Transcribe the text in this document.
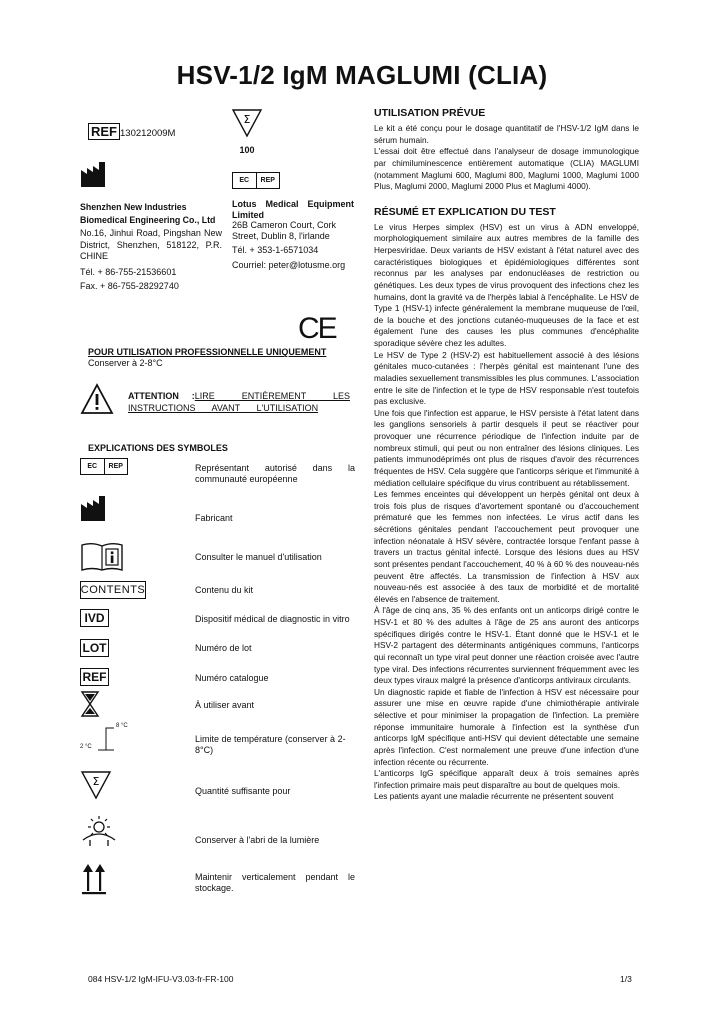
HSV-1/2 IgM MAGLUMI (CLIA)
REF 130212009M
Σ
100
Shenzhen New Industries
Biomedical Engineering Co., Ltd
No.16, Jinhui Road, Pingshan New District, Shenzhen, 518122, P.R. CHINE
Tél. + 86-755-21536601
Fax. + 86-755-28292740
EC	REP
Lotus Medical Equipment Limited
26B Cameron Court, Cork Street, Dublin 8, l'irlande
Tél. + 353-1-6571034
Courriel: peter@lotusme.org
CE
POUR UTILISATION PROFESSIONNELLE UNIQUEMENT
Conserver à 2-8°C
ATTENTION :LIRE ENTIÈREMENT LES INSTRUCTIONS AVANT L'UTILISATION
EXPLICATIONS DES SYMBOLES
EC	REP	Représentant autorisé dans la communauté européenne
Fabricant
Consulter le manuel d'utilisation
CONTENTS	Contenu du kit
IVD	Dispositif médical de diagnostic in vitro
LOT	Numéro de lot
REF	Numéro catalogue
À utiliser avant
8 °C
2 °C
Limite de température (conserver à 2-8°C)
Σ
Quantité suffisante pour
Conserver à l'abri de la lumière
Maintenir verticalement pendant le stockage.
UTILISATION PRÉVUE
Le kit a été conçu pour le dosage quantitatif de l'HSV-1/2 IgM dans le sérum humain.
L'essai doit être effectué dans l'analyseur de dosage immunologique par chimiluminescence entièrement automatique (CLIA) MAGLUMI (notamment Maglumi 600, Maglumi 800, Maglumi 1000, Maglumi 1000 Plus, Maglumi 2000, Maglumi 2000 Plus et Maglumi 4000).
RÉSUMÉ ET EXPLICATION DU TEST
Le virus Herpes simplex (HSV) est un virus à ADN enveloppé, morphologiquement similaire aux autres membres de la famille des Herpesviridae. Deux variants de HSV existant à l'état naturel avec des caractéristiques biologiques et épidémiologiques différentes sont reconnus par les analyses par endonucléases de restriction ou génétiques. Les deux types de virus provoquent des infections chez les humains, dont la gravité va de l'herpès labial à l'encéphalite. Le HSV de Type 1 (HSV-1) infecte généralement la membrane muqueuse de l'œil, de la bouche et des jonctions cutanéo-muqueuses de la face et est également l'une des causes les plus communes d'encéphalite sporadique sévère chez les adultes.
Le HSV de Type 2 (HSV-2) est habituellement associé à des lésions génitales muco-cutanées : l'herpès génital est maintenant l'une des maladies sexuellement transmissibles les plus communes. L'association entre le site de l'infection et le type de HSV responsable n'est toutefois pas exclusive.
Une fois que l'infection est apparue, le HSV persiste à l'état latent dans les ganglions sensoriels à partir desquels il peut se réactiver pour provoquer une récurrence périodique de l'infection induite par de nombreux stimuli, qui peut ou non entraîner des lésions cliniques. Les patients immunodéprimés ont plus de risques d'avoir des récurrences fréquentes de HSV. Cela suggère que l'anticorps sérique et l'immunité à médiation cellulaire spécifique du virus contribuent au rétablissement.
Les femmes enceintes qui développent un herpès génital ont deux à trois fois plus de risques d'avortement spontané ou d'accouchement prématuré que les femmes non infectées. Le virus actif dans les sécrétions génitales pendant l'accouchement peut provoquer une infection néonatale à HSV sévère, contractée lorsque l'enfant passe à travers un tractus génital infecté. Lorsque des lésions dues au HSV sont présentes pendant l'accouchement, 40 % à 60 % des nouveau-nés peuvent être affectés. La transmission de l'infection à HSV aux nouveau-nés est associée à des taux de morbidité et de mortalité élevés en l'absence de traitement.
À l'âge de cinq ans, 35 % des enfants ont un anticorps dirigé contre le HSV-1 et 80 % des adultes à l'âge de 25 ans auront des anticorps spécifiques dirigés contre le HSV-1. Étant donné que le HSV-1 et le HSV-2 partagent des déterminants antigéniques communs, l'anticorps qui reconnaît un type viral peut donner une réaction croisée avec l'autre type viral. Des infections récurrentes surviennent fréquemment avec les deux types viraux malgré la présence d'anticorps antiviraux circulants.
Un diagnostic rapide et fiable de l'infection à HSV est nécessaire pour assurer une mise en œuvre rapide d'une chimiothérapie antivirale sélective et pour minimiser la propagation de l'infection. La première réponse immunitaire humorale à l'infection est la synthèse d'un anticorps IgM spécifique anti-HSV qui devient détectable une semaine après l'infection. C'est normalement une preuve d'une infection d'une infection récente ou récurrente.
L'anticorps IgG spécifique apparaît deux à trois semaines après l'infection primaire mais peut disparaître au bout de quelques mois.
Les patients ayant une maladie récurrente ne présentent souvent
084 HSV-1/2 IgM-IFU-V3.03-fr-FR-100	1/3
